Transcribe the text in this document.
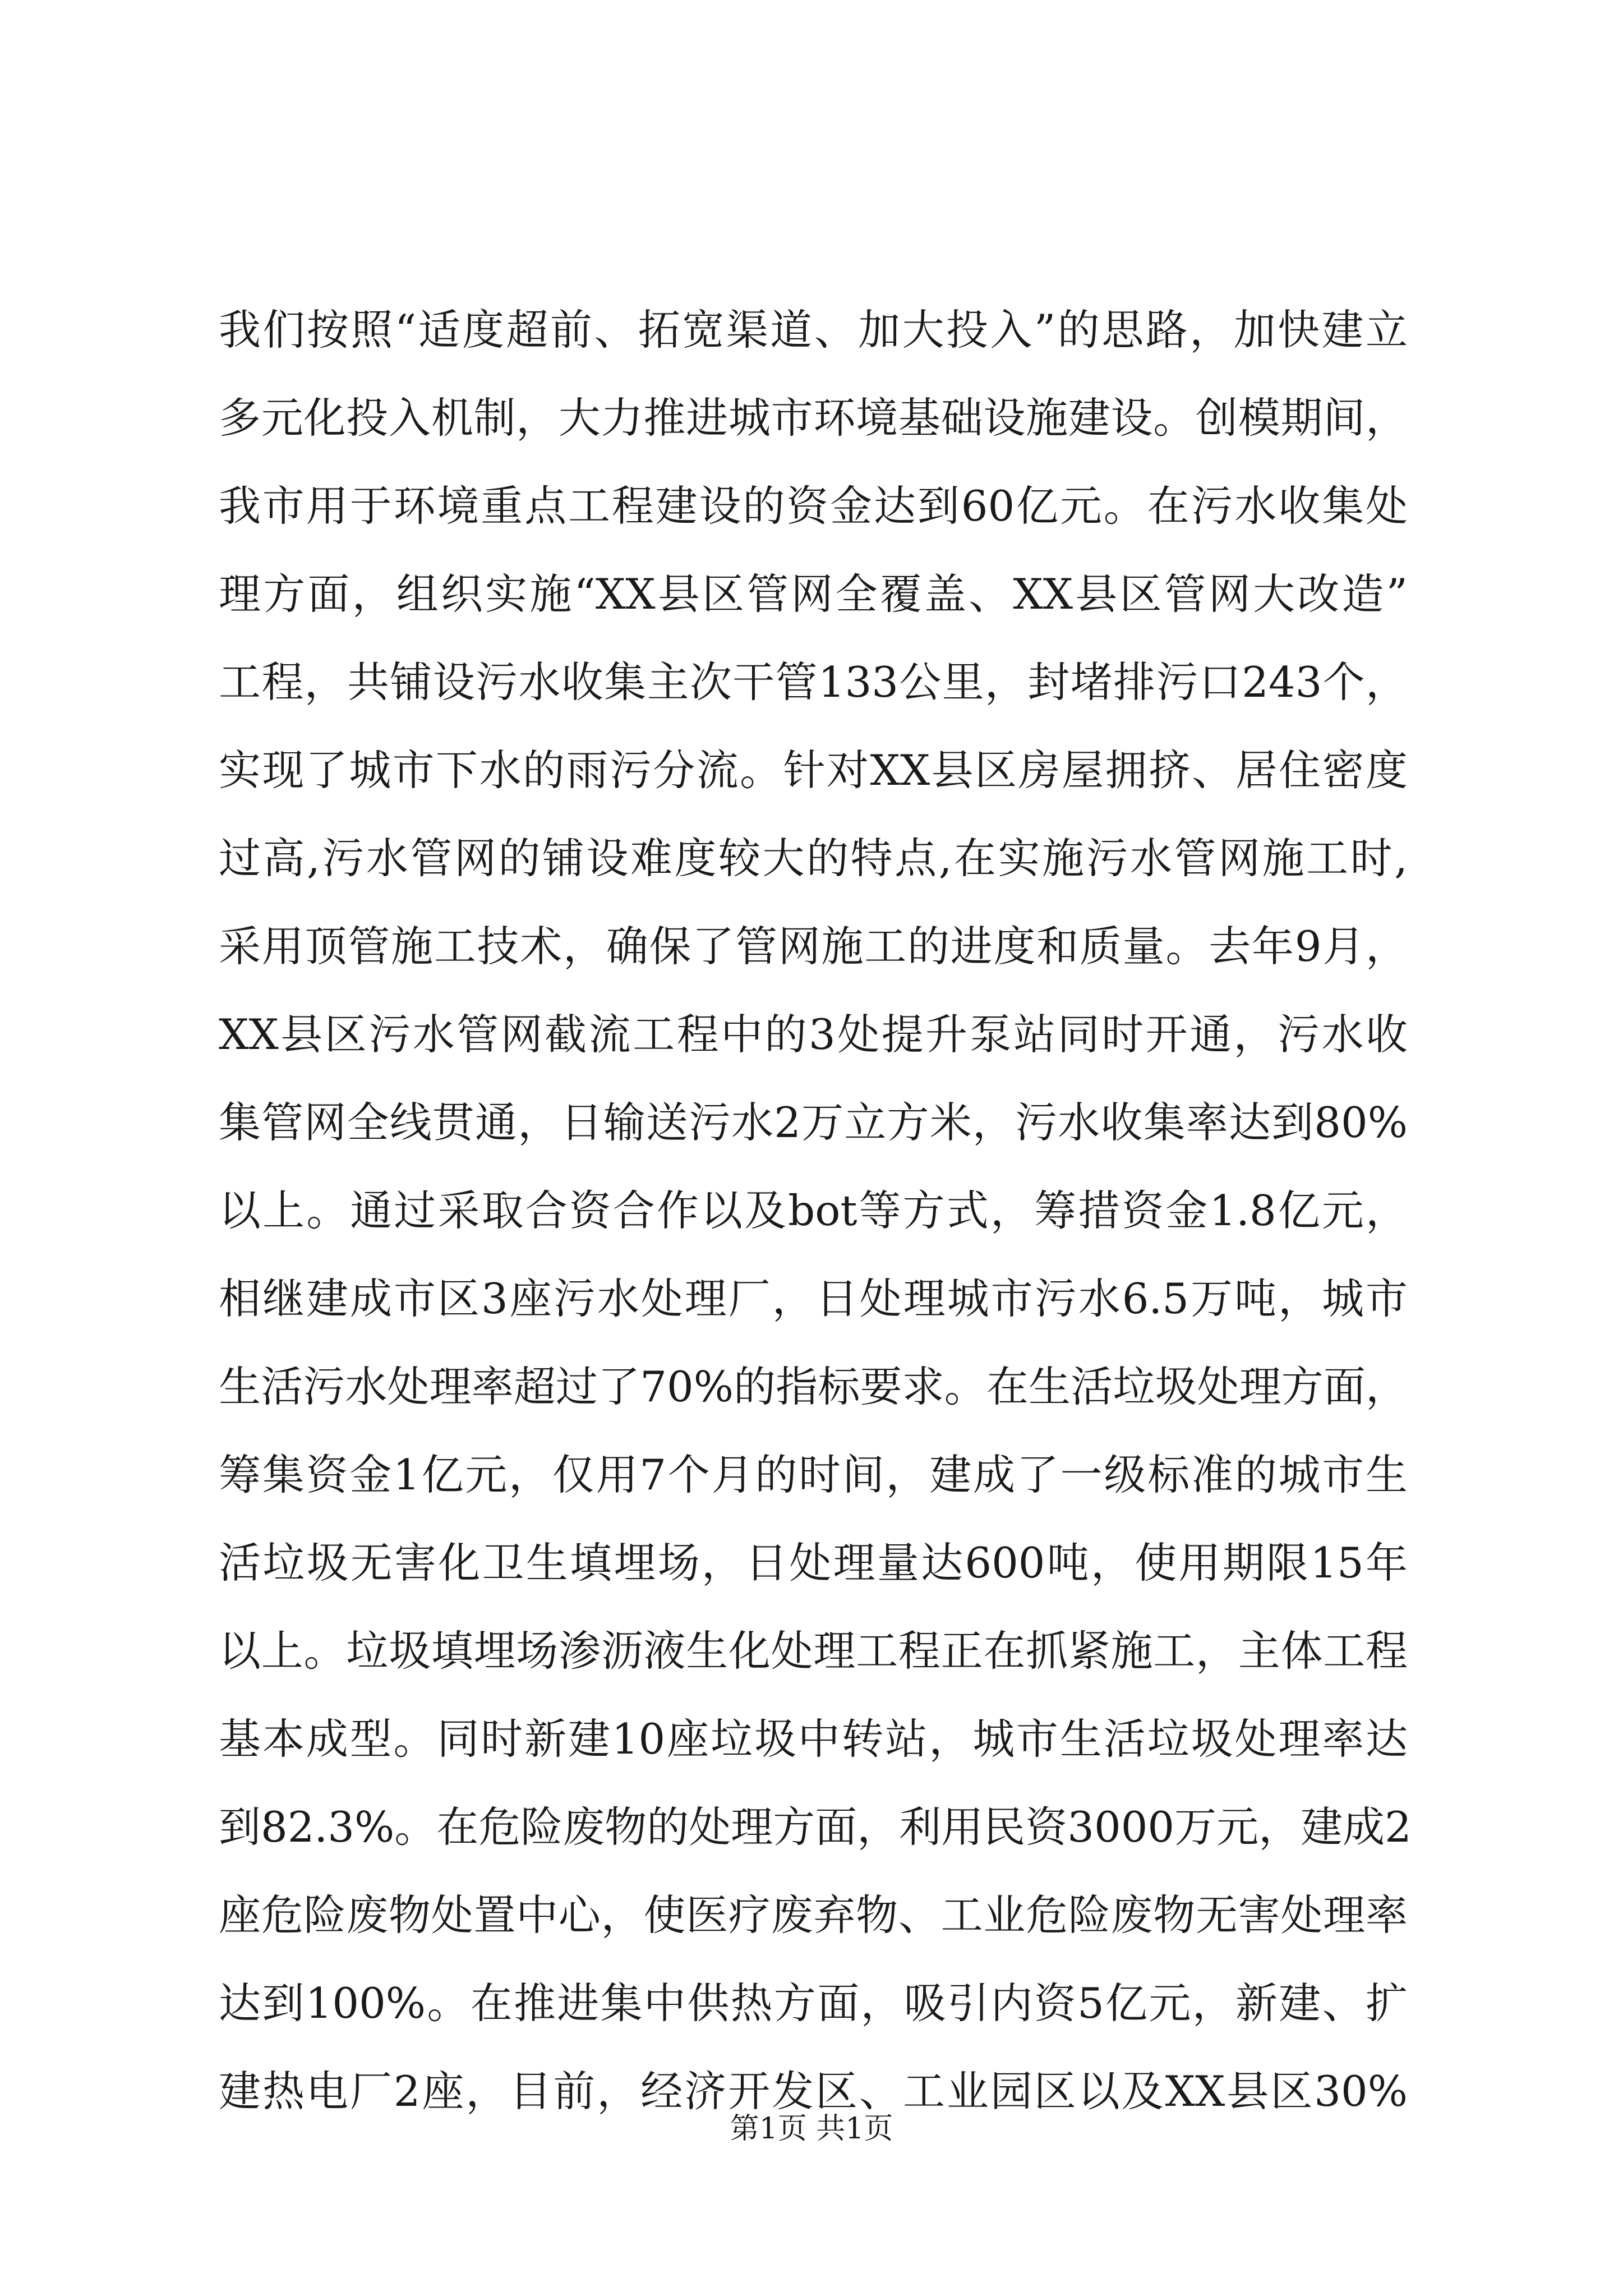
我们按照“适度超前、拓宽渠道、加大投入”的思路，加快建立
多元化投入机制，大力推进城市环境基础设施建设。创模期间，
我市用于环境重点工程建设的资金达到60亿元。在污水收集处
理方面，组织实施“XX县区管网全覆盖、XX县区管网大改造”
工程，共铺设污水收集主次干管133公里，封堵排污口243个，
实现了城市下水的雨污分流。针对XX县区房屋拥挤、居住密度
过高,污水管网的铺设难度较大的特点,在实施污水管网施工时,
采用顶管施工技术，确保了管网施工的进度和质量。去年9月，
XX县区污水管网截流工程中的3处提升泵站同时开通，污水收
集管网全线贯通，日输送污水2万立方米，污水收集率达到80%
以上。通过采取合资合作以及bot等方式，筹措资金1.8亿元，
相继建成市区3座污水处理厂，日处理城市污水6.5万吨，城市
生活污水处理率超过了70%的指标要求。在生活垃圾处理方面，
筹集资金1亿元，仅用7个月的时间，建成了一级标准的城市生
活垃圾无害化卫生填埋场，日处理量达600吨，使用期限15年
以上。垃圾填埋场渗沥液生化处理工程正在抓紧施工，主体工程
基本成型。同时新建10座垃圾中转站，城市生活垃圾处理率达
到82.3%。在危险废物的处理方面，利用民资3000万元，建成2
座危险废物处置中心，使医疗废弃物、工业危险废物无害处理率
达到100%。在推进集中供热方面，吸引内资5亿元，新建、扩
建热电厂2座，目前，经济开发区、工业园区以及XX县区30%
第1页 共1页
